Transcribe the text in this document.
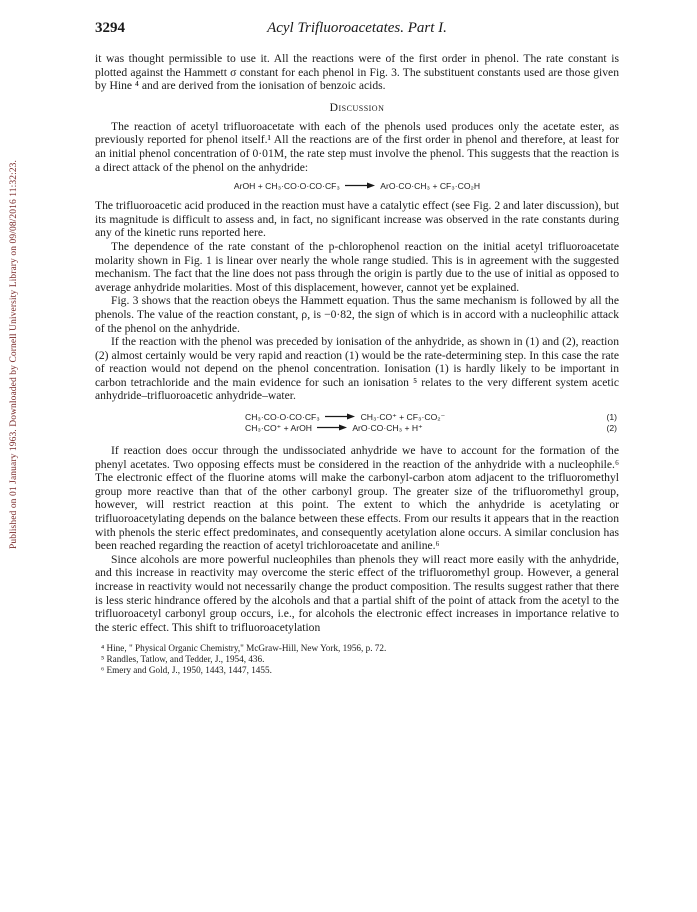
Published on 01 January 1963. Downloaded by Cornell University Library on 09/08/2016 11:32:23.
3294	Acyl Trifluoroacetates. Part I.

it was thought permissible to use it. All the reactions were of the first order in phenol. The rate constant is plotted against the Hammett σ constant for each phenol in Fig. 3. The substituent constants used are those given by Hine ⁴ and are derived from the ionisation of benzoic acids.

Discussion

The reaction of acetyl trifluoroacetate with each of the phenols used produces only the acetate ester, as previously reported for phenol itself.¹ All the reactions are of the first order in phenol and therefore, at least for an initial phenol concentration of 0·01M, the rate step must involve the phenol. This suggests that the reaction is a direct attack of the phenol on the anhydride:

ArOH + CH₃·CO·O·CO·CF₃ → ArO·CO·CH₃ + CF₃·CO₂H

The trifluoroacetic acid produced in the reaction must have a catalytic effect (see Fig. 2 and later discussion), but its magnitude is difficult to assess and, in fact, no significant increase was observed in the rate constants during any of the kinetic runs reported here.

The dependence of the rate constant of the p-chlorophenol reaction on the initial acetyl trifluoroacetate molarity shown in Fig. 1 is linear over nearly the whole range studied. This is in agreement with the suggested mechanism. The fact that the line does not pass through the origin is partly due to the use of initial as opposed to average anhydride molarities. Most of this displacement, however, cannot yet be explained.

Fig. 3 shows that the reaction obeys the Hammett equation. Thus the same mechanism is followed by all the phenols. The value of the reaction constant, ρ, is −0·82, the sign of which is in accord with a nucleophilic attack of the phenol on the anhydride.

If the reaction with the phenol was preceded by ionisation of the anhydride, as shown in (1) and (2), reaction (2) almost certainly would be very rapid and reaction (1) would be the rate-determining step. In this case the rate of reaction would not depend on the phenol concentration. Ionisation (1) is hardly likely to be important in carbon tetrachloride and the main evidence for such an ionisation ⁵ relates to the very different system acetic anhydride–trifluoroacetic anhydride–water.

CH₃·CO·O·CO·CF₃ → CH₃·CO⁺ + CF₃·CO₂⁻	(1)
CH₃·CO⁺ + ArOH → ArO·CO·CH₃ + H⁺	(2)

If reaction does occur through the undissociated anhydride we have to account for the formation of the phenyl acetates. Two opposing effects must be considered in the reaction of the anhydride with a nucleophile.⁶ The electronic effect of the fluorine atoms will make the carbonyl-carbon atom adjacent to the trifluoromethyl group more reactive than that of the other carbonyl group. The greater size of the trifluoromethyl group, however, will restrict reaction at this point. The extent to which the anhydride is acetylating or trifluoroacetylating depends on the balance between these effects. From our results it appears that in the reaction with phenols the steric effect predominates, and consequently acetylation alone occurs. A similar conclusion has been reached regarding the reaction of acetyl trichloroacetate and aniline.⁶

Since alcohols are more powerful nucleophiles than phenols they will react more easily with the anhydride, and this increase in reactivity may overcome the steric effect of the trifluoromethyl group. However, a general increase in reactivity would not necessarily change the product composition. The results suggest rather that there is less steric hindrance offered by the alcohols and that a partial shift of the point of attack from the acetyl to the trifluoroacetyl carbonyl group occurs, i.e., for alcohols the electronic effect increases in importance relative to the steric effect. This shift to trifluoroacetylation

⁴ Hine, " Physical Organic Chemistry," McGraw-Hill, New York, 1956, p. 72.
⁵ Randles, Tatlow, and Tedder, J., 1954, 436.
⁶ Emery and Gold, J., 1950, 1443, 1447, 1455.
